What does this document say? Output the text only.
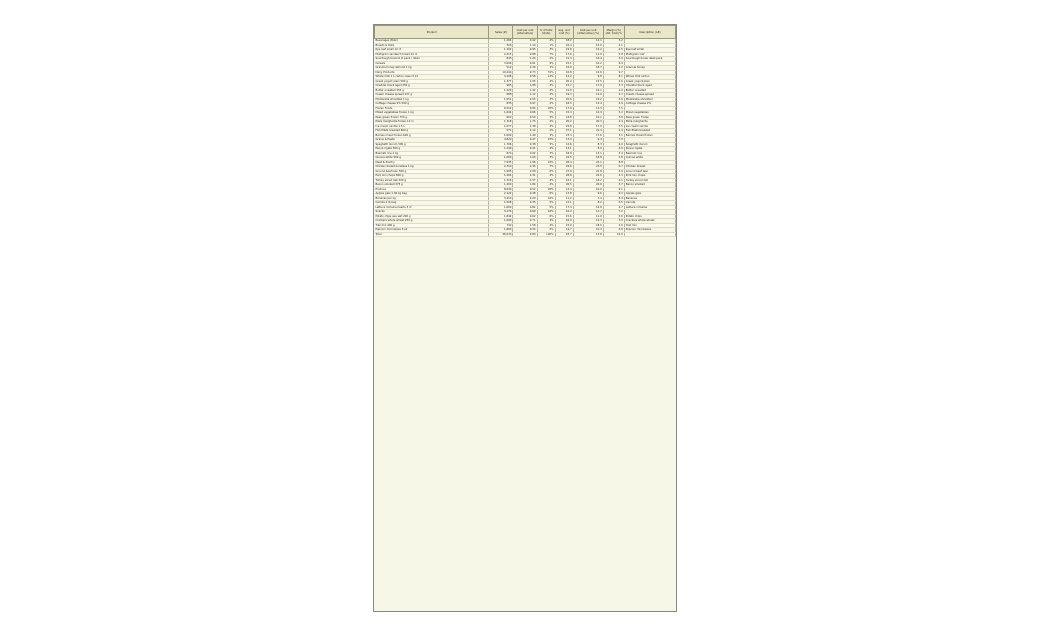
Product	Sales (#)	Cost per unit (Alternative)	% of total (Units)	Avg. unit cost (%)	Cost per unit (Alternative) (%)	Margin (%) (Alt. Cost) %	Description (Alt)
Beverages (Bulk)	1,284	0.42	4%	18.2	12.1	3.2	
Breads & Rolls	326	1.10	1%	22.4	15.0	2.1	
Rye loaf small 12 ct	1,102	0.95	3%	19.8	14.2	4.5	Rye loaf small
Multigrain sandwich bread 24 ct	2,415	0.88	7%	17.6	11.9	5.8	Multigrain loaf
Sourdough boule 6 ct pack / retail	845	1.24	2%	21.3	16.4	3.9	Sourdough boule retail pack
Cereals	3,006	0.61	9%	15.1	10.2	6.4	
Granola honey almond 1 kg	512	2.30	1%	24.9	18.7	2.2	Granola honey
Dairy Products	10,244	0.73	31%	16.8	12.6	9.7	
Whole milk 1 L carton case of 12	4,108	0.58	12%	14.2	9.8	8.1	Whole milk carton
Greek yogurt plain 500 g	1,377	1.05	4%	20.4	15.5	4.6	Greek yogurt plain
Cheddar block aged 250 g	965	1.88	3%	23.7	17.9	3.3	Cheddar block aged
Butter unsalted 454 g	1,220	1.42	4%	21.0	16.1	4.0	Butter unsalted
Cream cheese spread 227 g	688	1.12	2%	19.3	14.0	2.7	Cream cheese spread
Mozzarella shredded 1 kg	1,051	2.05	3%	25.6	19.2	3.6	Mozzarella shredded
Cottage cheese 2% 500 g	835	0.97	2%	18.5	13.4	2.9	Cottage cheese 2%
Frozen Foods	6,512	0.84	20%	17.9	13.3	7.5	
Mixed vegetables frozen 1 kg	1,644	0.66	5%	15.4	10.9	5.2	Mixed vegetables
Peas green frozen 750 g	902	0.59	3%	14.8	10.1	3.8	Peas green frozen
Pizza margherita frozen 12 in	1,318	1.75	4%	26.2	20.3	4.4	Pizza margherita
Ice cream vanilla 1.5 L	1,077	1.38	3%	22.8	17.0	3.5	Ice cream vanilla
Fish fillets breaded 600 g	571	2.12	2%	27.1	21.4	2.4	Fish fillets breaded
Berries mixed frozen 600 g	1,000	1.49	3%	23.3	17.6	3.1	Berries mixed frozen
Grains & Pasta	4,820	0.47	15%	13.9	9.4	7.9	
Spaghetti durum 500 g	1,706	0.38	5%	12.6	8.3	6.0	Spaghetti durum
Penne rigate 500 g	1,240	0.41	4%	13.1	8.9	4.9	Penne rigate
Basmati rice 2 kg	874	0.92	3%	18.0	13.1	3.4	Basmati rice
Quinoa white 500 g	1,000	1.63	3%	24.5	18.8	2.8	Quinoa white
Meat & Poultry	7,935	1.96	24%	28.4	22.1	8.8	
Chicken breast boneless 1 kg	2,310	2.45	7%	29.6	23.5	6.7	Chicken breast
Ground beef lean 500 g	1,905	2.08	6%	27.9	21.8	5.9	Ground beef lean
Pork loin chops 800 g	1,204	2.31	4%	28.8	22.6	4.3	Pork loin chops
Turkey sliced deli 200 g	1,316	1.57	4%	24.1	18.2	4.1	Turkey sliced deli
Bacon smoked 375 g	1,200	1.84	4%	26.5	20.6	3.7	Bacon smoked
Produce	8,640	0.52	26%	14.4	10.0	9.1	
Apples gala 1.36 kg bag	2,122	0.48	6%	13.8	9.6	6.3	Apples gala
Bananas per kg	3,410	0.29	10%	11.2	7.4	8.4	Bananas
Carrots 2 lb bag	1,508	0.35	5%	12.1	8.2	5.5	Carrots
Lettuce romaine hearts 3 ct	1,600	0.82	5%	17.4	12.8	4.7	Lettuce romaine
Snacks	5,276	0.69	16%	16.2	11.7	7.2	
Potato chips sea salt 200 g	1,844	0.62	6%	15.6	11.0	5.6	Potato chips
Crackers whole wheat 250 g	1,090	0.71	3%	16.9	12.3	3.9	Crackers whole wheat
Trail mix 400 g	742	1.58	2%	23.9	18.0	2.6	Trail mix
Popcorn microwave 3 pk	1,600	0.54	5%	14.7	10.3	4.8	Popcorn microwave
Total	48,043	0.89	100%	18.7	13.8	10.0	
